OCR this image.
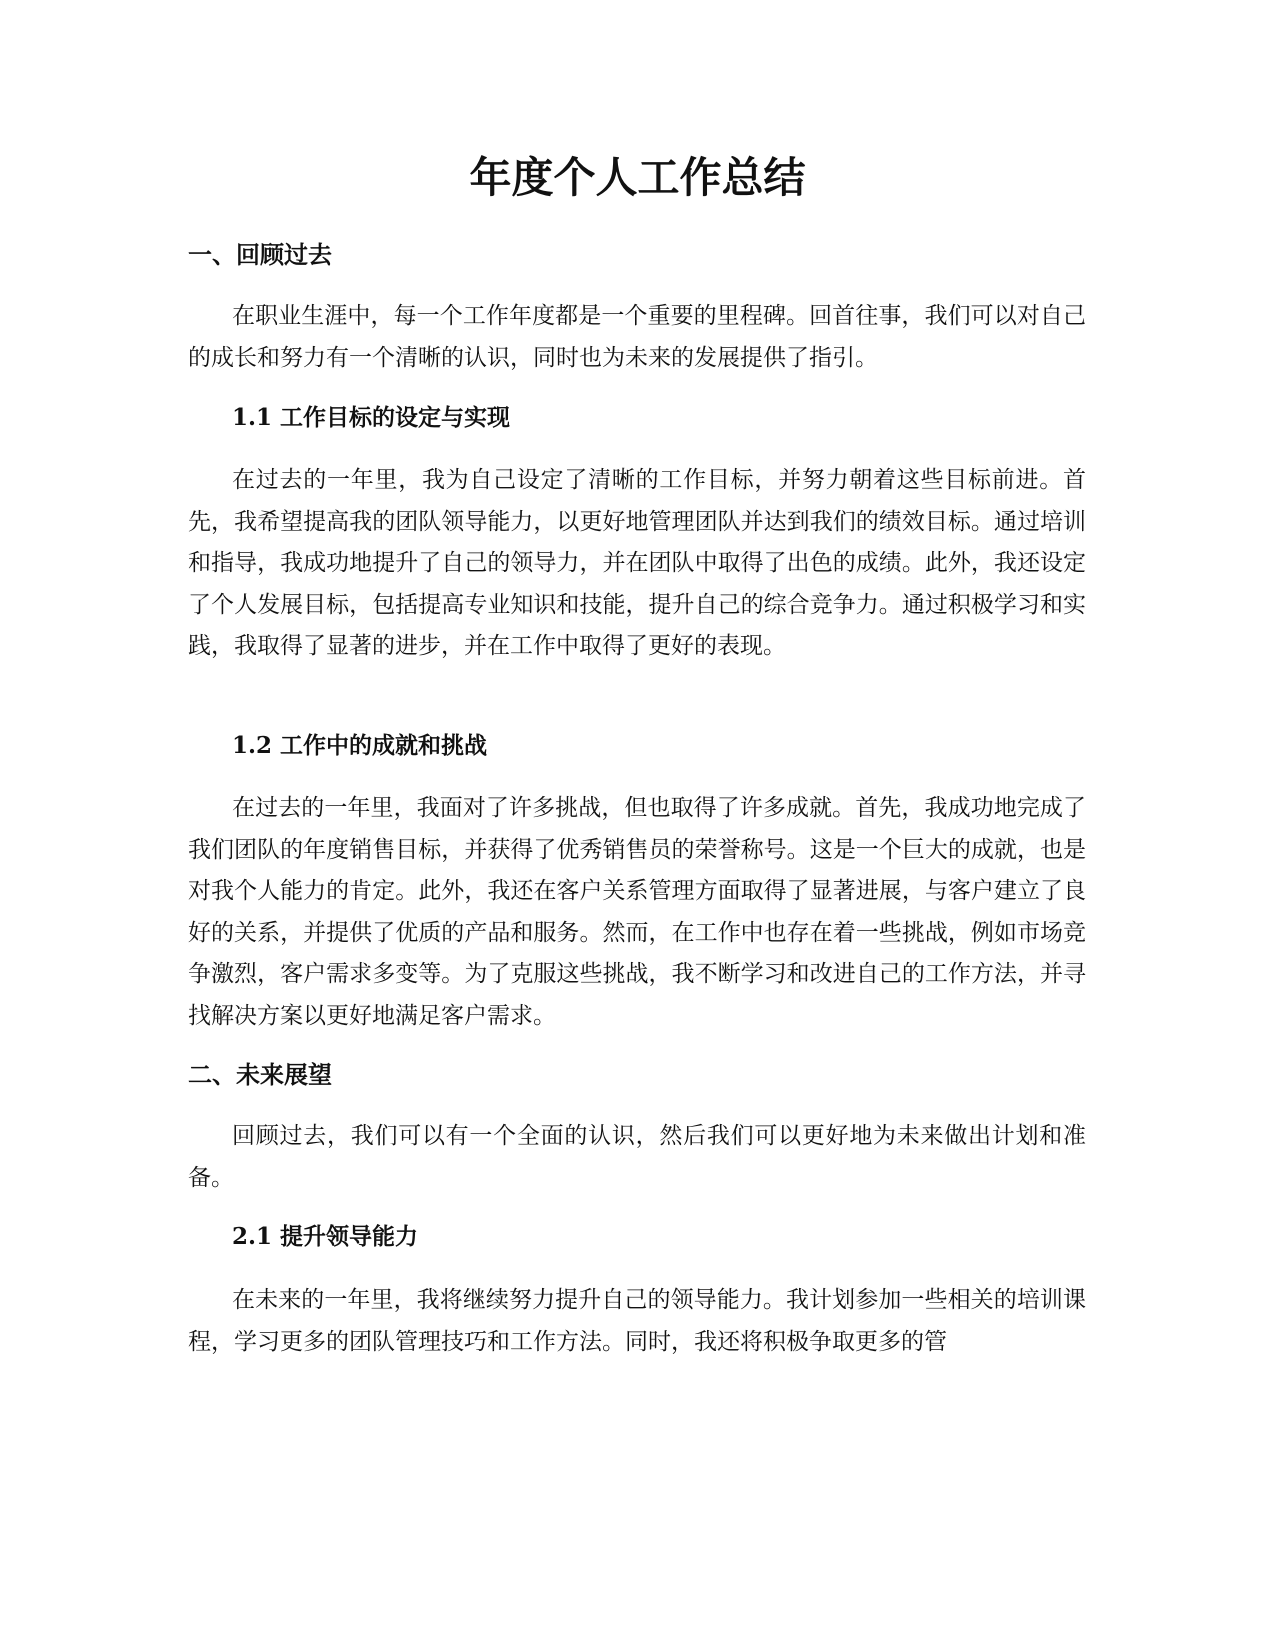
年度个人工作总结
一、回顾过去

在职业生涯中，每一个工作年度都是一个重要的里程碑。回首往事，我们可以对自己的成长和努力有一个清晰的认识，同时也为未来的发展提供了指引。

1.1 工作目标的设定与实现

在过去的一年里，我为自己设定了清晰的工作目标，并努力朝着这些目标前进。首先，我希望提高我的团队领导能力，以更好地管理团队并达到我们的绩效目标。通过培训和指导，我成功地提升了自己的领导力，并在团队中取得了出色的成绩。此外，我还设定了个人发展目标，包括提高专业知识和技能，提升自己的综合竞争力。通过积极学习和实践，我取得了显著的进步，并在工作中取得了更好的表现。

1.2 工作中的成就和挑战

在过去的一年里，我面对了许多挑战，但也取得了许多成就。首先，我成功地完成了我们团队的年度销售目标，并获得了优秀销售员的荣誉称号。这是一个巨大的成就，也是对我个人能力的肯定。此外，我还在客户关系管理方面取得了显著进展，与客户建立了良好的关系，并提供了优质的产品和服务。然而，在工作中也存在着一些挑战，例如市场竞争激烈，客户需求多变等。为了克服这些挑战，我不断学习和改进自己的工作方法，并寻找解决方案以更好地满足客户需求。

二、未来展望

回顾过去，我们可以有一个全面的认识，然后我们可以更好地为未来做出计划和准备。

2.1 提升领导能力

在未来的一年里，我将继续努力提升自己的领导能力。我计划参加一些相关的培训课程，学习更多的团队管理技巧和工作方法。同时，我还将积极争取更多的管
